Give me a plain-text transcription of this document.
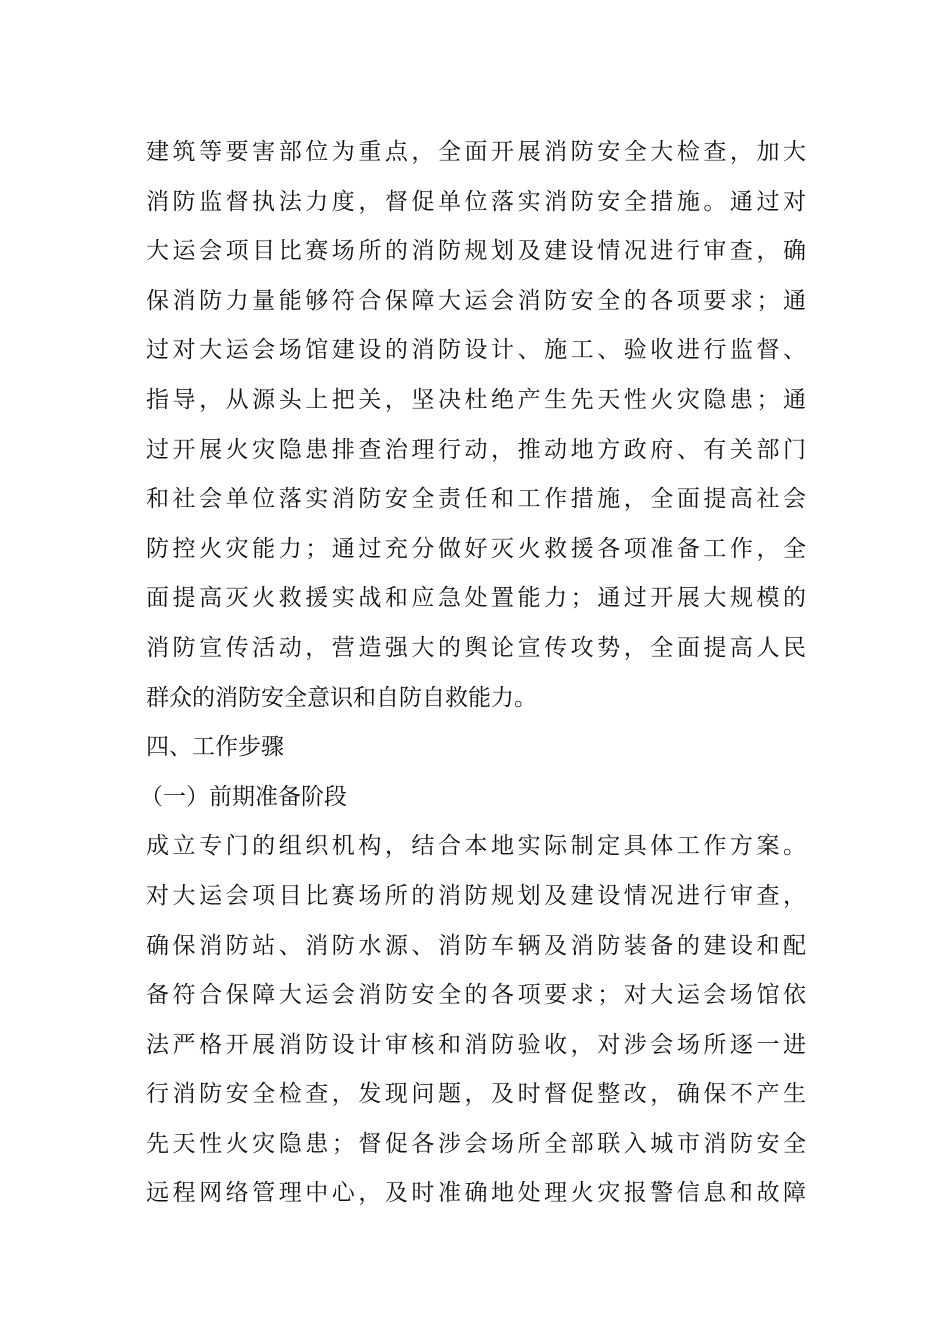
建筑等要害部位为重点，全面开展消防安全大检查，加大
消防监督执法力度，督促单位落实消防安全措施。通过对
大运会项目比赛场所的消防规划及建设情况进行审查，确
保消防力量能够符合保障大运会消防安全的各项要求；通
过对大运会场馆建设的消防设计、施工、验收进行监督、
指导，从源头上把关，坚决杜绝产生先天性火灾隐患；通
过开展火灾隐患排查治理行动，推动地方政府、有关部门
和社会单位落实消防安全责任和工作措施，全面提高社会
防控火灾能力；通过充分做好灭火救援各项准备工作，全
面提高灭火救援实战和应急处置能力；通过开展大规模的
消防宣传活动，营造强大的舆论宣传攻势，全面提高人民
群众的消防安全意识和自防自救能力。
四、工作步骤
（一）前期准备阶段
成立专门的组织机构，结合本地实际制定具体工作方案。
对大运会项目比赛场所的消防规划及建设情况进行审查，
确保消防站、消防水源、消防车辆及消防装备的建设和配
备符合保障大运会消防安全的各项要求；对大运会场馆依
法严格开展消防设计审核和消防验收，对涉会场所逐一进
行消防安全检查，发现问题，及时督促整改，确保不产生
先天性火灾隐患；督促各涉会场所全部联入城市消防安全
远程网络管理中心，及时准确地处理火灾报警信息和故障
